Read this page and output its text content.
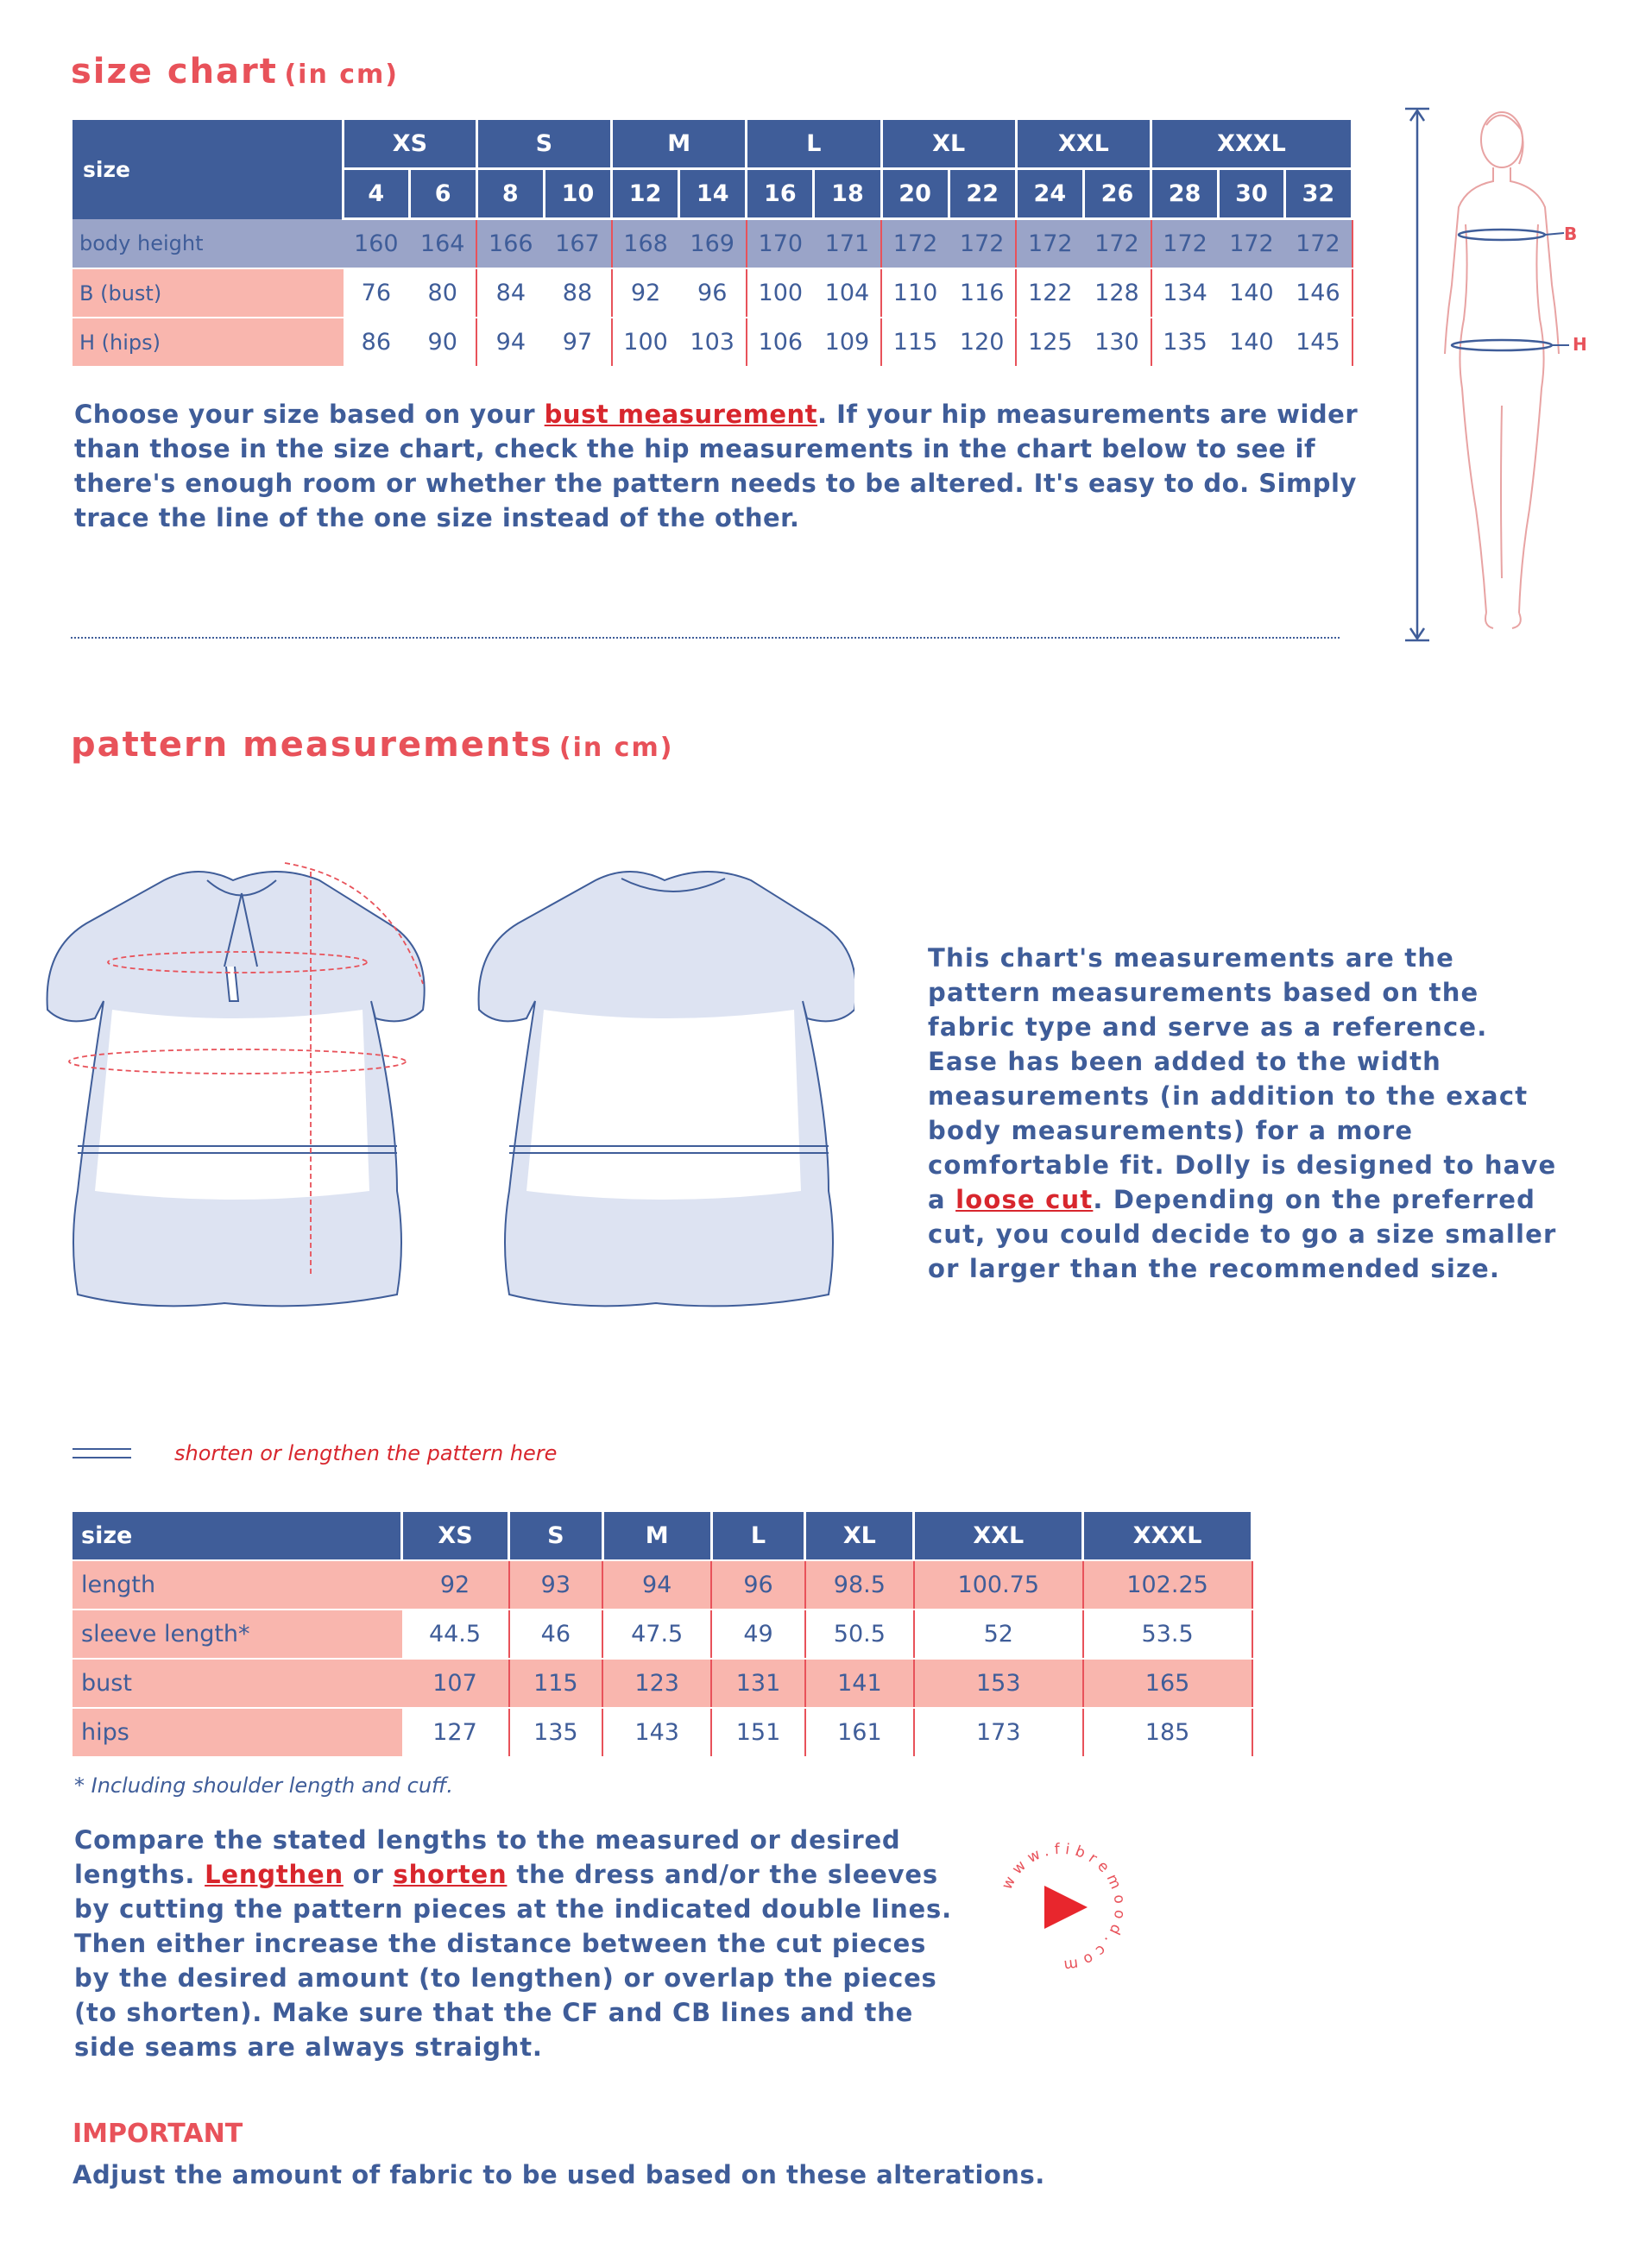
size chart (in cm)
size	XS		S		M		L		XL		XXL		XXXL		
	4	6	8	10	12	14	16	18	20	22	24	26	28	30	32
body height	160	164	166	167	168	169	170	171	172	172	172	172	172	172	172
B (bust)	76	80	84	88	92	96	100	104	110	116	122	128	134	140	146
H (hips)	86	90	94	97	100	103	106	109	115	120	125	130	135	140	145
Choose your size based on your bust measurement. If your hip measurements are wider than those in the size chart, check the hip measurements in the chart below to see if there's enough room or whether the pattern needs to be altered. It's easy to do. Simply trace the line of the one size instead of the other.
B
H
pattern measurements (in cm)
This chart's measurements are the pattern measurements based on the fabric type and serve as a reference. Ease has been added to the width measurements (in addition to the exact body measurements) for a more comfortable fit. Dolly is designed to have a loose cut. Depending on the preferred cut, you could decide to go a size smaller or larger than the recommended size.
shorten or lengthen the pattern here
size	XS	S	M	L	XL	XXL	XXXL
length	92	93	94	96	98.5	100.75	102.25
sleeve length*	44.5	46	47.5	49	50.5	52	53.5
bust	107	115	123	131	141	153	165
hips	127	135	143	151	161	173	185
* Including shoulder length and cuff.
Compare the stated lengths to the measured or desired lengths. Lengthen or shorten the dress and/or the sleeves by cutting the pattern pieces at the indicated double lines. Then either increase the distance between the cut pieces by the desired amount (to lengthen) or overlap the pieces (to shorten). Make sure that the CF and CB lines and the side seams are always straight.
www.fibremood.com
IMPORTANT
Adjust the amount of fabric to be used based on these alterations.
